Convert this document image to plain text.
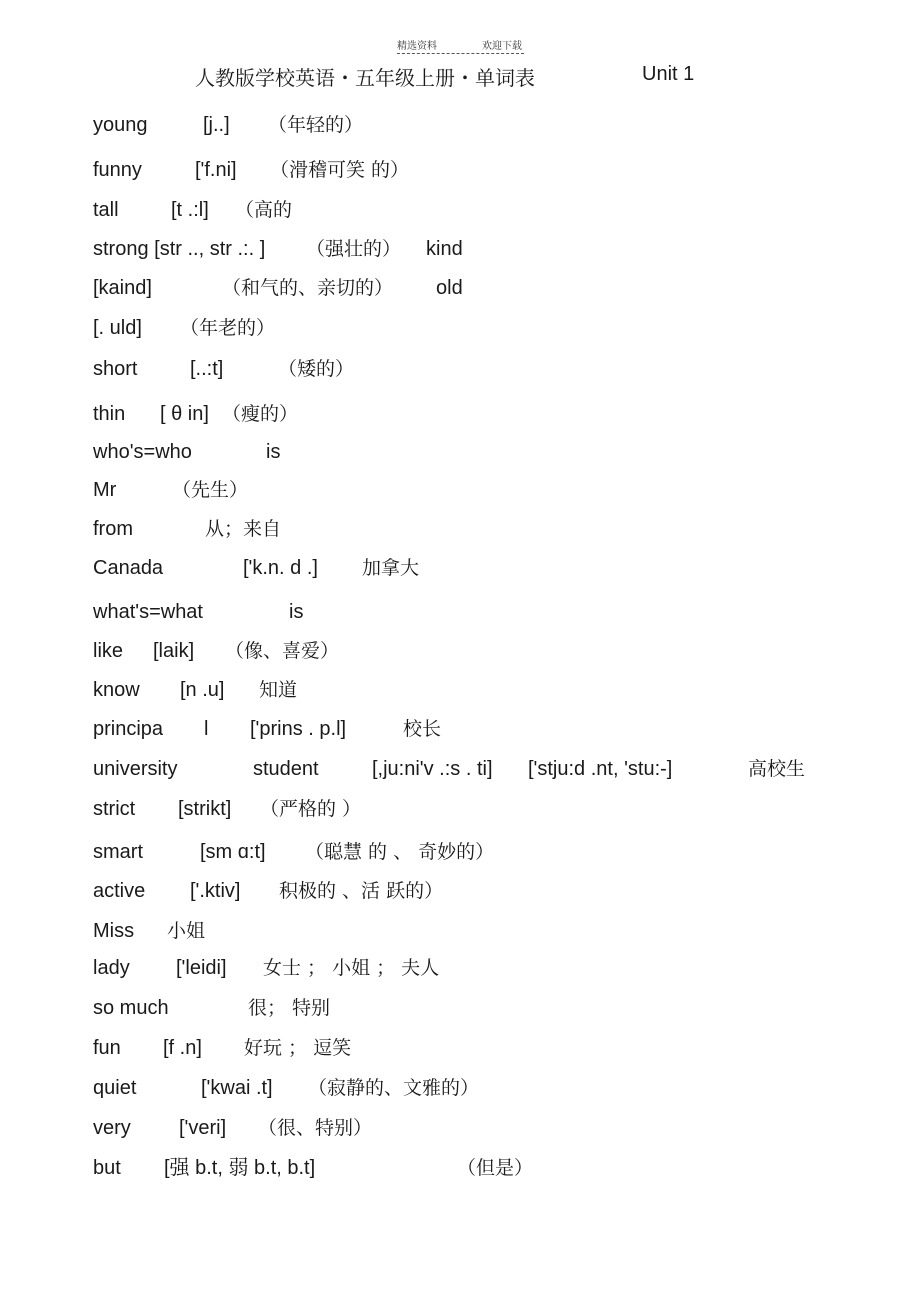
精选资料	欢迎下载
人教版学校英语・五年级上册・单词表	Unit 1
young	[j..] （年轻的）
funny	['f.ni] （滑稽可笑 的）
tall	[t .:l] （高的
strong [str .., str .:. ] （强壮的） kind
[kaind]	（和气的、亲切的） old
[. uld] （年老的）
short	[..:t]	（矮的）
thin [ θ in] （瘦的）
who's=who	is
Mr	（先生）
from	从；来自
Canada	['k.n. d .] 加拿大
what's=what	is
like [laik] （像、喜爱）
know [n .u] 知道
principa l ['prins . p.l]	校长
university	student	[,ju:ni'v .:s . ti] ['stju:d .nt, 'stu:-]	高校生
strict [strikt] （严格的 ）
smart	[sm ɑ:t] （聪慧 的 、 奇妙的）
active ['.ktiv] 积极的 、活 跃的）
Miss 小姐
lady ['leidi] 女士 ； 小姐 ； 夫人
so much	很； 特别
fun [f .n] 好玩 ； 逗笑
quiet	['kwai .t] （寂静的、文雅的）
very ['veri] （很、特别）
but [强 b.t, 弱 b.t, b.t]	（但是）
